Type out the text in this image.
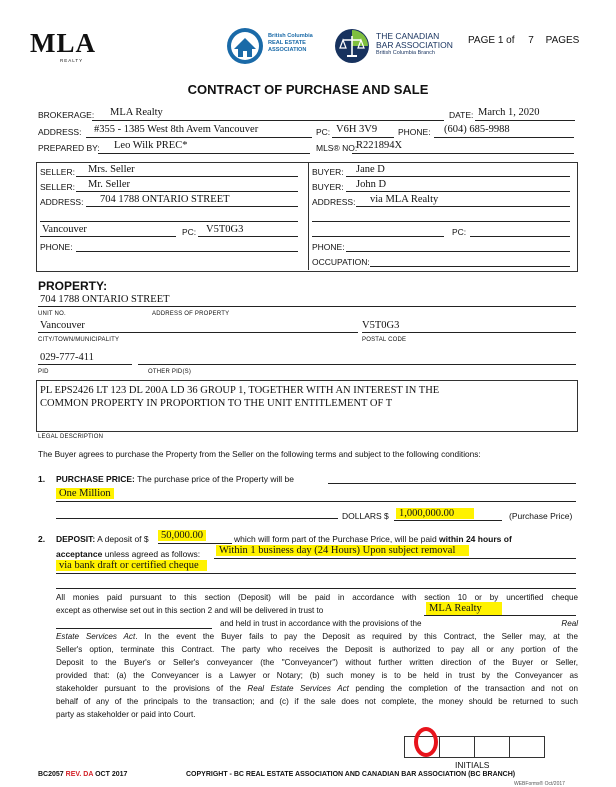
MLA
REALTY
British Columbia
REAL ESTATE
ASSOCIATION
THE CANADIAN
BAR ASSOCIATION
British Columbia Branch
PAGE 1 of 7 PAGES
CONTRACT OF PURCHASE AND SALE
BROKERAGE: MLA Realty	DATE: March 1, 2020
ADDRESS: #355 - 1385 West 8th Avem Vancouver	PC: V6H 3V9 PHONE: (604) 685-9988
PREPARED BY: Leo Wilk PREC*	MLS® NO:
R221894X
SELLER: Mrs. Seller
SELLER: Mr. Seller
ADDRESS: 704 1788 ONTARIO STREET
Vancouver	PC: V5T0G3
PHONE:
BUYER: Jane D
BUYER: John D
ADDRESS: via MLA Realty
PC:
PHONE:
OCCUPATION:
PROPERTY:
704 1788 ONTARIO STREET
UNIT NO.	ADDRESS OF PROPERTY
Vancouver	V5T0G3
CITY/TOWN/MUNICIPALITY	POSTAL CODE
029-777-411
PID	OTHER PID(S)
PL EPS2426 LT 123 DL 200A LD 36 GROUP 1, TOGETHER WITH AN INTEREST IN THE COMMON PROPERTY IN PROPORTION TO THE UNIT ENTITLEMENT OF T
LEGAL DESCRIPTION
The Buyer agrees to purchase the Property from the Seller on the following terms and subject to the following conditions:
1. PURCHASE PRICE: The purchase price of the Property will be
One Million
DOLLARS $ 1,000,000.00	(Purchase Price)
2. DEPOSIT: A deposit of $ 50,000.00	which will form part of the Purchase Price, will be paid within 24 hours of
acceptance unless agreed as follows: Within 1 business day (24 Hours) Upon subject removal
via bank draft or certified cheque
All monies paid pursuant to this section (Deposit) will be paid in accordance with section 10 or by uncertified cheque
except as otherwise set out in this section 2 and will be delivered in trust to	MLA Realty
and held in trust in accordance with the provisions of the	Real
Estate Services Act. In the event the Buyer fails to pay the Deposit as required by this Contract, the Seller may, at the
Seller's option, terminate this Contract. The party who receives the Deposit is authorized to pay all or any portion of the
Deposit to the Buyer's or Seller's conveyancer (the "Conveyancer") without further written direction of the Buyer or Seller,
provided that: (a) the Conveyancer is a Lawyer or Notary; (b) such money is to be held in trust by the Conveyancer as
stakeholder pursuant to the provisions of the Real Estate Services Act pending the completion of the transaction and not on
behalf of any of the principals to the transaction; and (c) if the sale does not complete, the money should be returned to such
party as stakeholder or paid into Court.
INITIALS
BC2057 REV. DA OCT 2017	COPYRIGHT - BC REAL ESTATE ASSOCIATION AND CANADIAN BAR ASSOCIATION (BC BRANCH)
WEBForms® Oct/2017
